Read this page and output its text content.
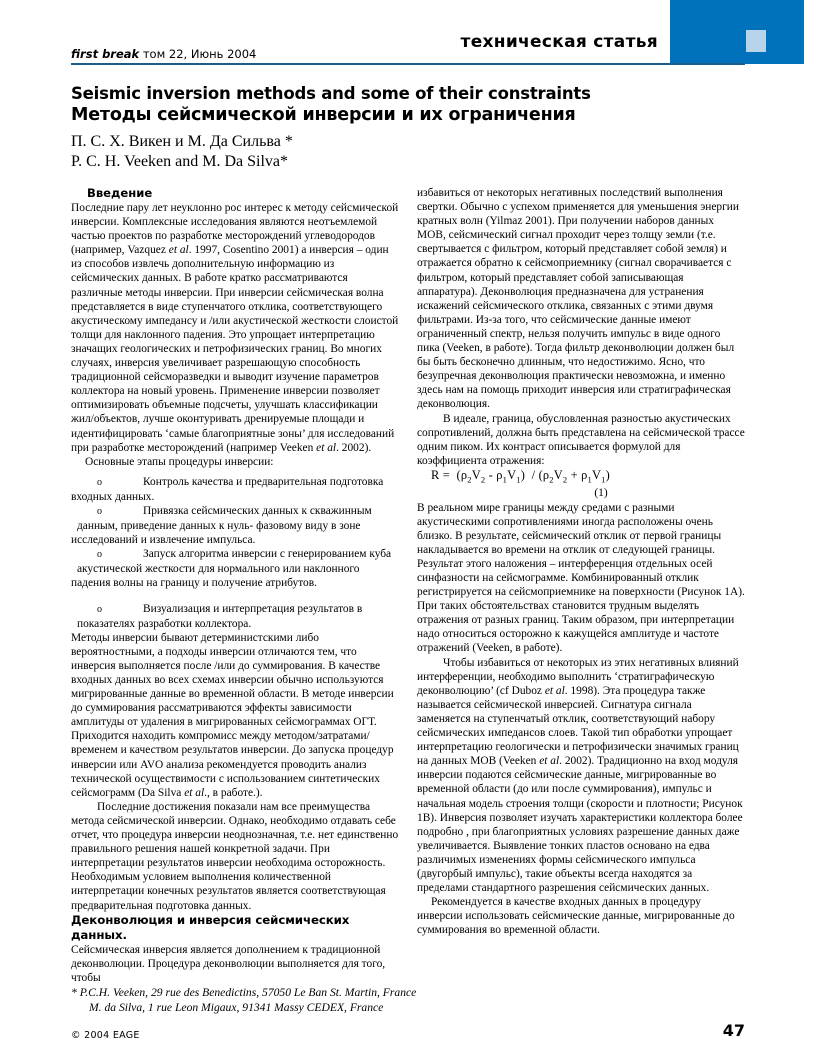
техническая статья
first break том 22, Июнь 2004
Seismic inversion methods and some of their constraints
Методы сейсмической инверсии и их ограничения
П. С. Х. Викен и М. Да Сильва *
P. C. H. Veeken and M. Da Silva*

Введение

Последние пару лет неуклонно рос интерес к методу сейсмической инверсии. Комплексные исследования являются неотъемлемой частью проектов по разработке месторождений углеводородов (например, Vazquez et al. 1997, Cosentino 2001) а инверсия – один из способов извлечь дополнительную информацию из сейсмических данных. В работе кратко рассматриваются различные методы инверсии. При инверсии сейсмическая волна представляется в виде ступенчатого отклика, соответствующего акустическому импедансу и /или акустической жесткости слоистой толщи для наклонного падения. Это упрощает интерпретацию значащих геологических и петрофизических границ. Во многих случаях, инверсия увеличивает разрешающую способность традиционной сейсморазведки и выводит изучение параметров коллектора на новый уровень. Применение инверсии позволяет оптимизировать объемные подсчеты, улучшать классификации жил/объектов, лучше оконтуривать дренируемые площади и идентифицировать ‘самые благоприятные зоны’ для исследований при разработке месторождений (например Veeken et al. 2002).

Основные этапы процедуры инверсии:

o	Контроль качества и предварительная подготовка

входных данных.

o	Привязка сейсмических данных к скважинным

данным, приведение данных к нуль- фазовому виду в зоне исследований и извлечение импульса.

o	Запуск алгоритма инверсии с генерированием куба

акустической жесткости для нормального или наклонного падения волны на границу и получение атрибутов.

o	Визуализация и интерпретация результатов в

показателях разработки коллектора.

Методы инверсии бывают детерминистскими либо вероятностными, а подходы инверсии отличаются тем, что инверсия выполняется после /или до суммирования. В качестве входных данных во всех схемах инверсии обычно используются мигрированные данные во временной области. В методе инверсии до суммирования рассматриваются эффекты зависимости амплитуды от удаления в мигрированных сейсмограммах ОГТ. Приходится находить компромисс между методом/затратами/временем и качеством результатов инверсии. До запуска процедур инверсии или AVO анализа рекомендуется проводить анализ технической осуществимости с использованием синтетических сейсмограмм (Da Silva et al., в работе.).

Последние достижения показали нам все преимущества метода сейсмической инверсии. Однако, необходимо отдавать себе отчет, что процедура инверсии неоднозначная, т.е. нет единственно правильного решения нашей конкретной задачи. При интерпретации результатов инверсии необходима осторожность. Необходимым условием выполнения количественной интерпретации конечных результатов является соответствующая предварительная подготовка данных.

Деконволюция и инверсия сейсмических данных.

Сейсмическая инверсия является дополнением к традиционной деконволюции. Процедура деконволюции выполняется для того, чтобы

избавиться от некоторых негативных последствий выполнения свертки. Обычно с успехом применяется для уменьшения энергии кратных волн (Yilmaz 2001). При получении наборов данных МОВ, сейсмический сигнал проходит через толщу земли (т.е. свертывается с фильтром, который представляет собой земля) и отражается обратно к сейсмоприемнику (сигнал сворачивается с фильтром, который представляет собой записывающая аппаратура). Деконволюция предназначена для устранения искажений сейсмического отклика, связанных с этими двумя фильтрами. Из-за того, что сейсмические данные имеют ограниченный спектр, нельзя получить импульс в виде одного пика (Veeken, в работе). Тогда фильтр деконволюции должен был бы быть бесконечно длинным, что недостижимо. Ясно, что безупречная деконволюция практически невозможна, и именно здесь нам на помощь приходит инверсия или стратиграфическая деконволюция.

В идеале, граница, обусловленная разностью акустических сопротивлений, должна быть представлена на сейсмической трассе одним пиком. Их контраст описывается формулой для коэффициента отражения:

$R = (\rho_2V_2 - \rho_1V_1) / (\rho_2V_2 + \rho_1V_1)$

(1)

В реальном мире границы между средами с разными акустическими сопротивлениями иногда расположены очень близко. В результате, сейсмический отклик от первой границы накладывается во времени на отклик от следующей границы. Результат этого наложения – интерференция отдельных осей синфазности на сейсмограмме. Комбинированный отклик регистрируется на сейсмоприемнике на поверхности (Рисунок 1А). При таких обстоятельствах становится трудным выделять отражения от разных границ. Таким образом, при интерпретации надо относиться осторожно к кажущейся амплитуде и частоте отражений (Veeken, в работе).

Чтобы избавиться от некоторых из этих негативных влияний интерференции, необходимо выполнить ‘стратиграфическую деконволюцию’ (cf Duboz et al. 1998). Эта процедура также называется сейсмической инверсией. Сигнатура сигнала заменяется на ступенчатый отклик, соответствующий набору сейсмических импедансов слоев. Такой тип обработки упрощает интерпретацию геологически и петрофизически значимых границ на данных МОВ (Veeken et al. 2002). Традиционно на вход модуля инверсии подаются сейсмические данные, мигрированные во временной области (до или после суммирования), импульс и начальная модель строения толщи (скорости и плотности; Рисунок 1В). Инверсия позволяет изучать характеристики коллектора более подробно , при благоприятных условиях разрешение данных даже увеличивается. Выявление тонких пластов основано на едва различимых изменениях формы сейсмического импульса (двугорбый импульс), такие объекты всегда находятся за пределами стандартного разрешения сейсмических данных.

Рекомендуется в качестве входных данных в процедуру инверсии использовать сейсмические данные, мигрированные до суммирования во временной области.

* P.C.H. Veeken, 29 rue des Benedictins, 57050 Le Ban St. Martin, France
M. da Silva, 1 rue Leon Migaux, 91341 Massy CEDEX, France
© 2004 EAGE	47
